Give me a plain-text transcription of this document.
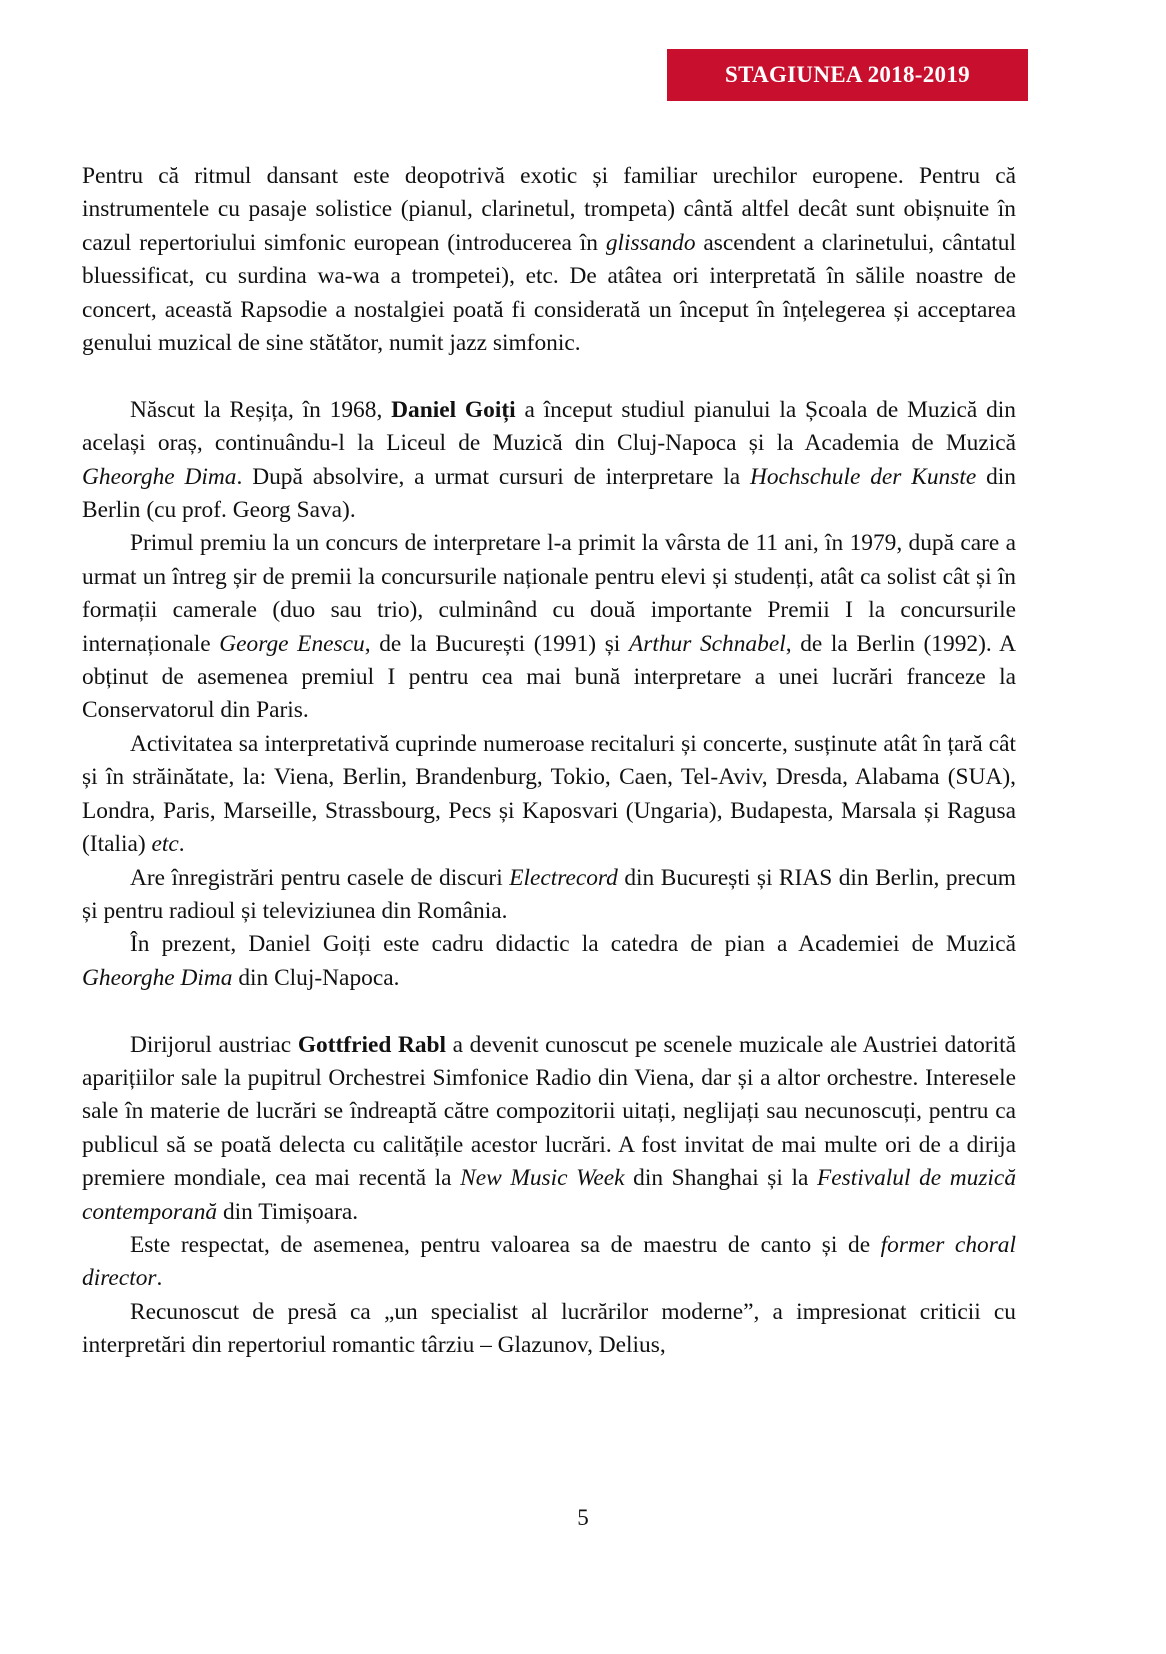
STAGIUNEA 2018-2019

Pentru că ritmul dansant este deopotrivă exotic și familiar urechilor europene. Pentru că instrumentele cu pasaje solistice (pianul, clarinetul, trompeta) cântă altfel decât sunt obișnuite în cazul repertoriului simfonic european (introducerea în glissando ascendent a clarinetului, cântatul bluessificat, cu surdina wa-wa a trompetei), etc. De atâtea ori interpretată în sălile noastre de concert, această Rapsodie a nostalgiei poată fi considerată un început în înțelegerea și acceptarea genului muzical de sine stătător, numit jazz simfonic.

Născut la Reșița, în 1968, Daniel Goiți a început studiul pianului la Școala de Muzică din același oraș, continuându-l la Liceul de Muzică din Cluj-Napoca și la Academia de Muzică Gheorghe Dima. După absolvire, a urmat cursuri de interpretare la Hochschule der Kunste din Berlin (cu prof. Georg Sava).

Primul premiu la un concurs de interpretare l-a primit la vârsta de 11 ani, în 1979, după care a urmat un întreg șir de premii la concursurile naționale pentru elevi și studenți, atât ca solist cât și în formații camerale (duo sau trio), culminând cu două importante Premii I la concursurile internaționale George Enescu, de la București (1991) și Arthur Schnabel, de la Berlin (1992). A obținut de asemenea premiul I pentru cea mai bună interpretare a unei lucrări franceze la Conservatorul din Paris.

Activitatea sa interpretativă cuprinde numeroase recitaluri și concerte, susținute atât în țară cât și în străinătate, la: Viena, Berlin, Brandenburg, Tokio, Caen, Tel-Aviv, Dresda, Alabama (SUA), Londra, Paris, Marseille, Strassbourg, Pecs și Kaposvari (Ungaria), Budapesta, Marsala și Ragusa (Italia) etc.

Are înregistrări pentru casele de discuri Electrecord din București și RIAS din Berlin, precum și pentru radioul și televiziunea din România.

În prezent, Daniel Goiți este cadru didactic la catedra de pian a Academiei de Muzică Gheorghe Dima din Cluj-Napoca.

Dirijorul austriac Gottfried Rabl a devenit cunoscut pe scenele muzicale ale Austriei datorită aparițiilor sale la pupitrul Orchestrei Simfonice Radio din Viena, dar și a altor orchestre. Interesele sale în materie de lucrări se îndreaptă către compozitorii uitați, neglijați sau necunoscuți, pentru ca publicul să se poată delecta cu calitățile acestor lucrări. A fost invitat de mai multe ori de a dirija premiere mondiale, cea mai recentă la New Music Week din Shanghai și la Festivalul de muzică contemporană din Timișoara.

Este respectat, de asemenea, pentru valoarea sa de maestru de canto și de former choral director.

Recunoscut de presă ca „un specialist al lucrărilor moderne”, a impresionat criticii cu interpretări din repertoriul romantic târziu – Glazunov, Delius,

5
